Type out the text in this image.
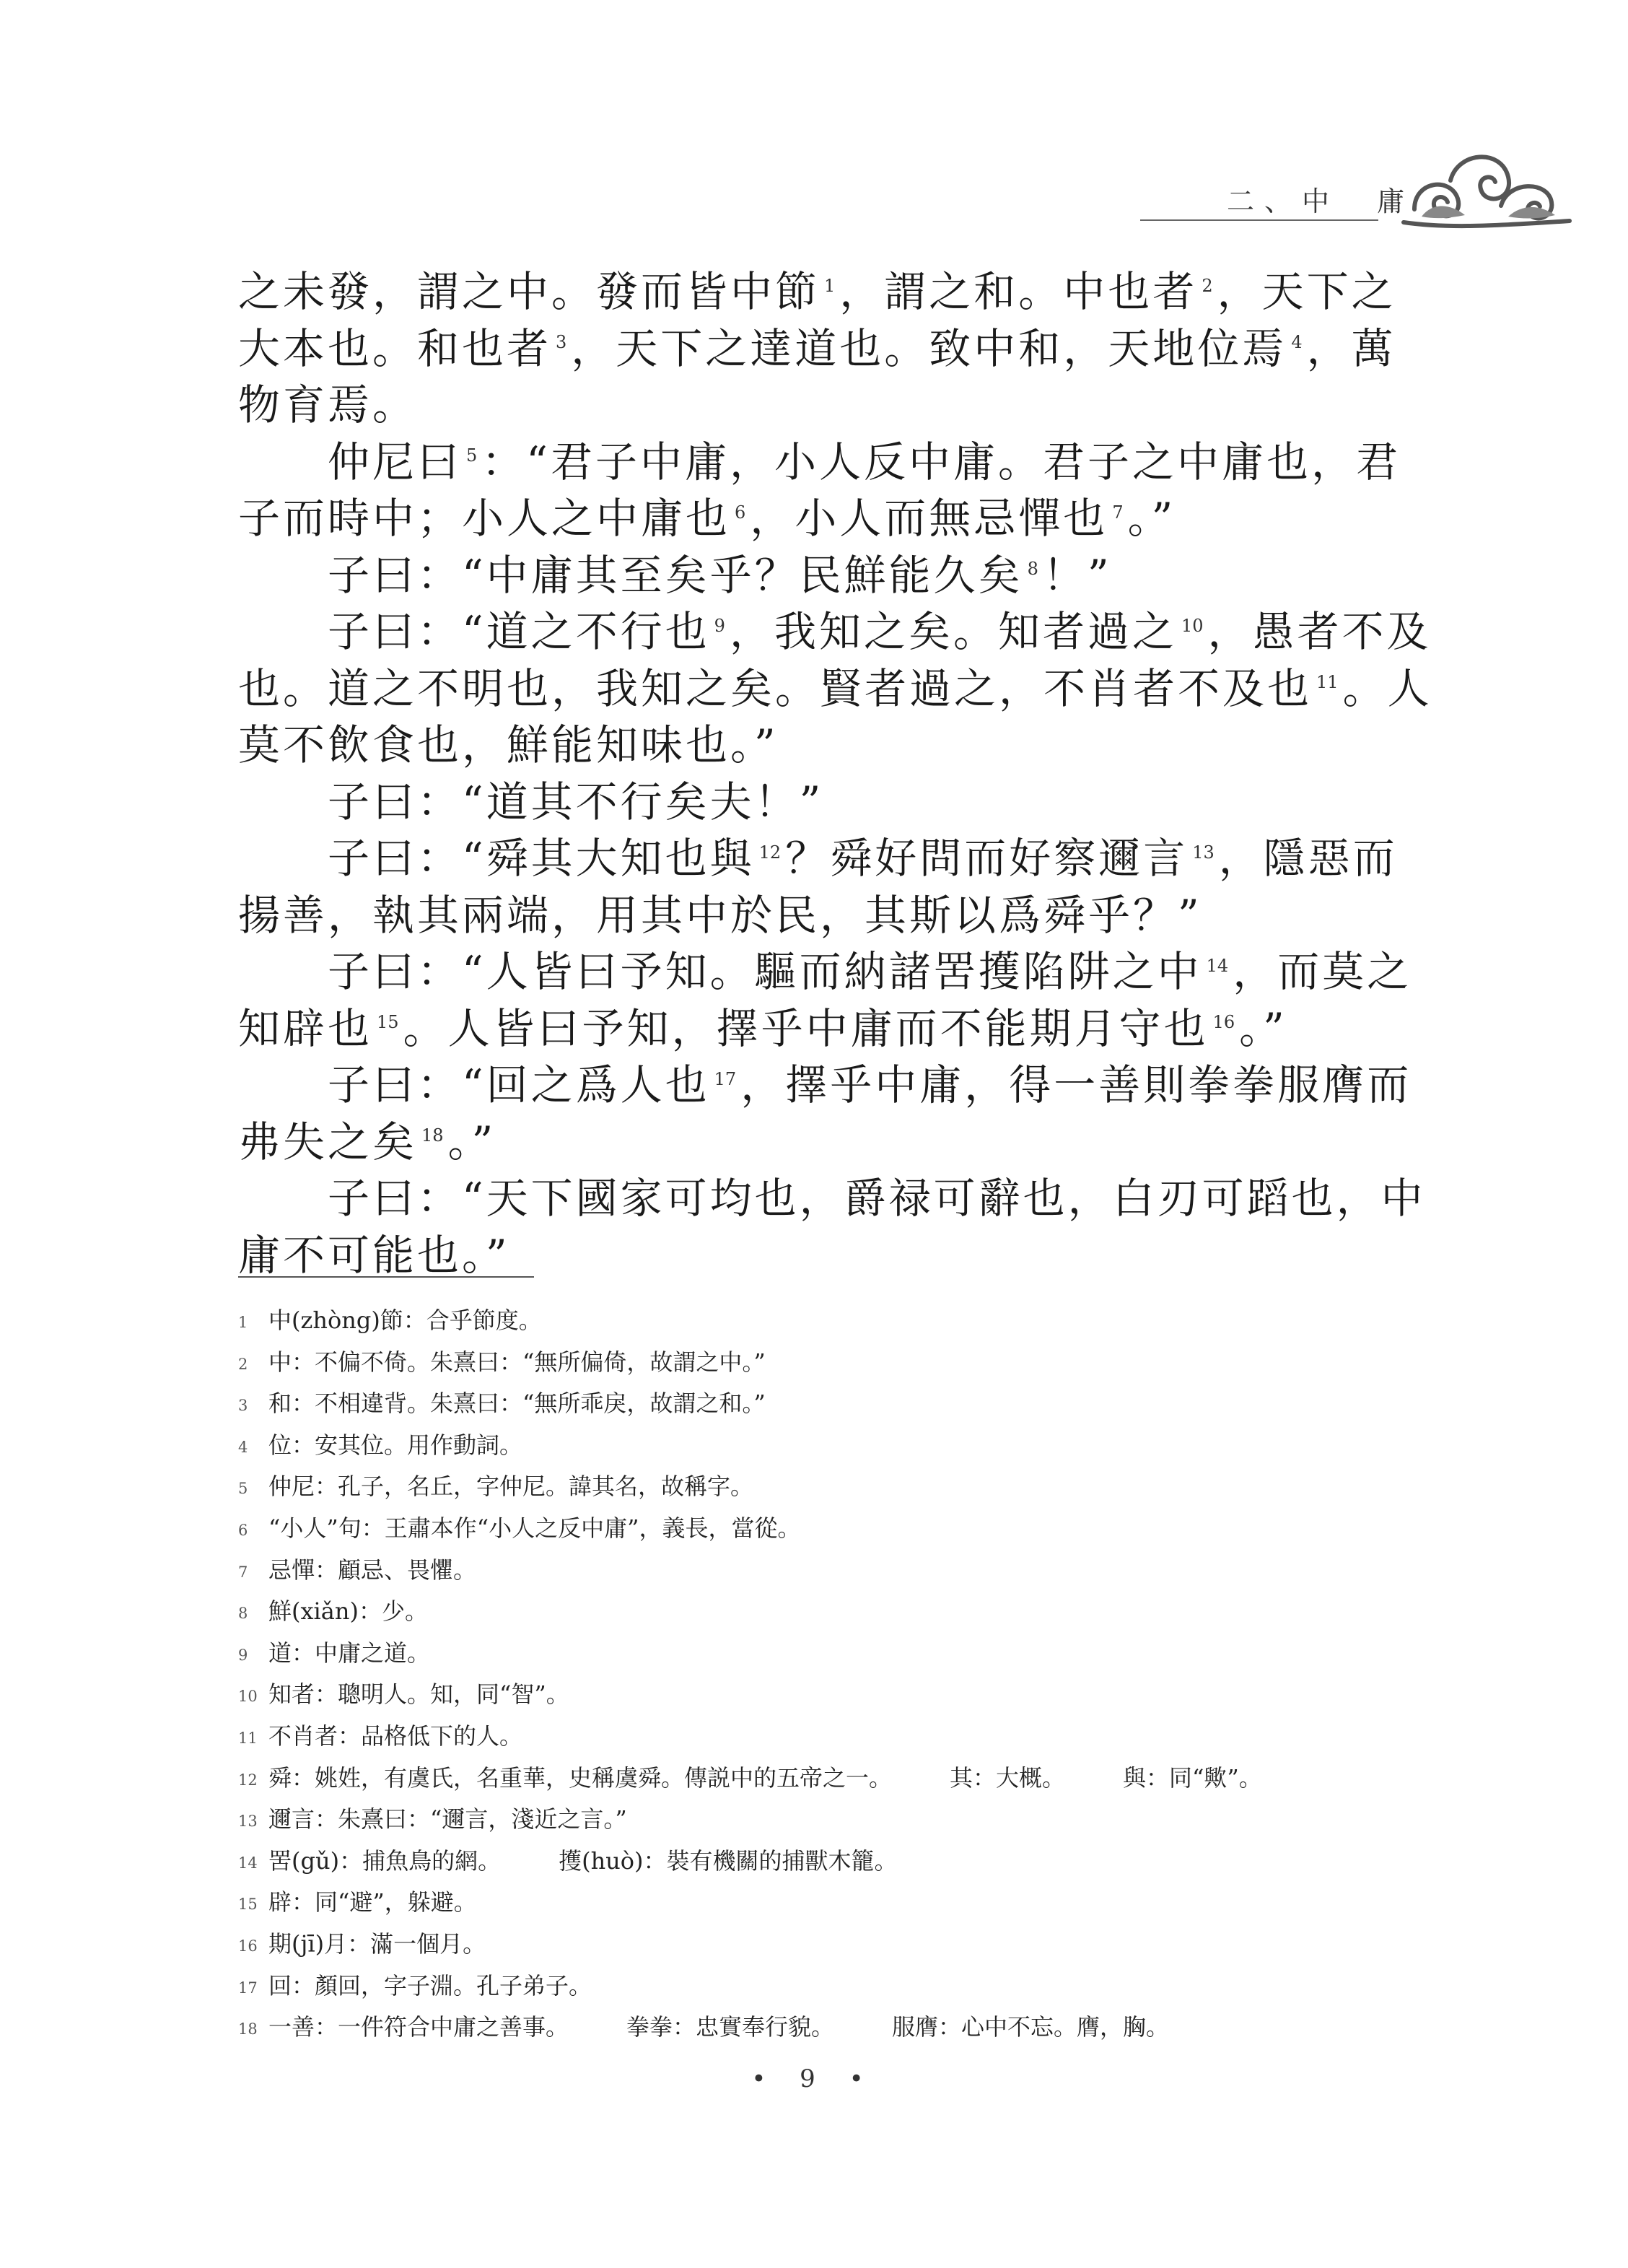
二、中　庸

之未發，謂之中。發而皆中節 $^1$ ，謂之和。中也者 $^2$ ，天下之大本也。和也者 $^3$ ，天下之達道也。致中和，天地位焉 $^4$ ，萬物育焉。

仲尼曰 $^5$ ：“君子中庸，小人反中庸。君子之中庸也，君子而時中；小人之中庸也 $^6$ ，小人而無忌憚也 $^7$ 。”

子曰：“中庸其至矣乎？民鮮能久矣 $^8$ ！”

子曰：“道之不行也 $^9$ ，我知之矣。知者過之 $^{10}$ ，愚者不及也。道之不明也，我知之矣。賢者過之，不肖者不及也 $^{11}$ 。人莫不飲食也，鮮能知味也。”

子曰：“道其不行矣夫！”

子曰：“舜其大知也與 $^{12}$ ？舜好問而好察邇言 $^{13}$ ，隱惡而揚善，執其兩端，用其中於民，其斯以爲舜乎？”

子曰：“人皆曰予知。驅而納諸罟擭陷阱之中 $^{14}$ ，而莫之知辟也 $^{15}$ 。人皆曰予知，擇乎中庸而不能期月守也 $^{16}$ 。”

子曰：“回之爲人也 $^{17}$ ，擇乎中庸，得一善則拳拳服膺而弗失之矣 $^{18}$ 。”

子曰：“天下國家可均也，爵禄可辭也，白刃可蹈也，中庸不可能也。”

1 中(zhòng)節：合乎節度。
2 中：不偏不倚。朱熹曰：“無所偏倚，故謂之中。”
3 和：不相違背。朱熹曰：“無所乖戾，故謂之和。”
4 位：安其位。用作動詞。
5 仲尼：孔子，名丘，字仲尼。諱其名，故稱字。
6 “小人”句：王肅本作“小人之反中庸”，義長，當從。
7 忌憚：顧忌、畏懼。
8 鮮(xiǎn)：少。
9 道：中庸之道。
10 知者：聰明人。知，同“智”。
11 不肖者：品格低下的人。
12 舜：姚姓，有虞氏，名重華，史稱虞舜。傳説中的五帝之一。	其：大概。	與：同“歟”。
13 邇言：朱熹曰：“邇言，淺近之言。”
14 罟(gǔ)：捕魚鳥的網。	擭(huò)：裝有機關的捕獸木籠。
15 辟：同“避”，躲避。
16 期(jī)月：滿一個月。
17 回：顏回，字子淵。孔子弟子。
18 一善：一件符合中庸之善事。	拳拳：忠實奉行貌。	服膺：心中不忘。膺，胸。
• 9 •
